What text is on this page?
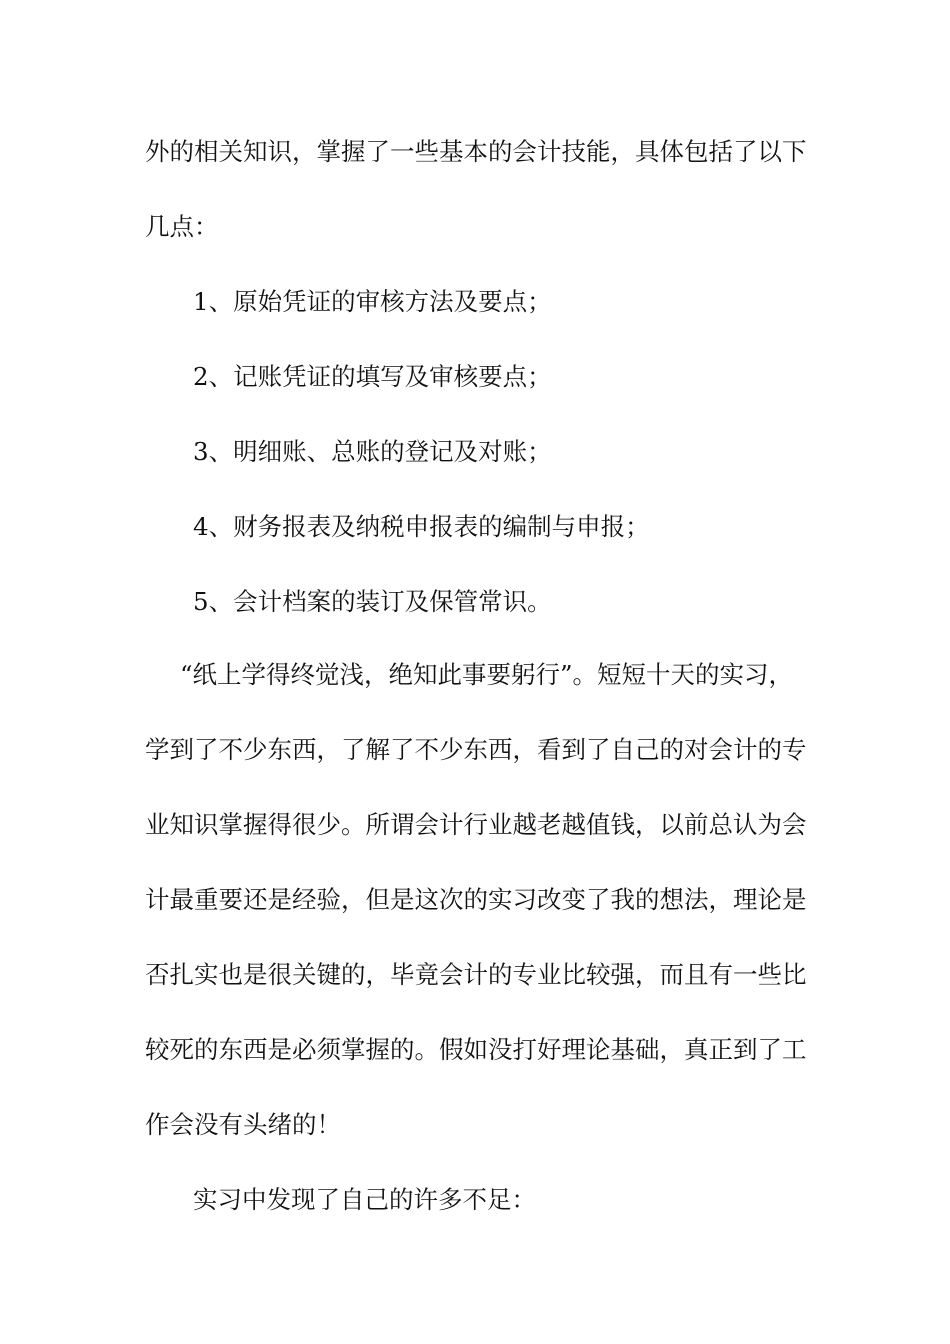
外的相关知识，掌握了一些基本的会计技能，具体包括了以下
几点：
1、原始凭证的审核方法及要点；
2、记账凭证的填写及审核要点；
3、明细账、总账的登记及对账；
4、财务报表及纳税申报表的编制与申报；
5、会计档案的装订及保管常识。
“纸上学得终觉浅，绝知此事要躬行”。短短十天的实习，
学到了不少东西，了解了不少东西，看到了自己的对会计的专
业知识掌握得很少。所谓会计行业越老越值钱，以前总认为会
计最重要还是经验，但是这次的实习改变了我的想法，理论是
否扎实也是很关键的，毕竟会计的专业比较强，而且有一些比
较死的东西是必须掌握的。假如没打好理论基础，真正到了工
作会没有头绪的！
实习中发现了自己的许多不足：
